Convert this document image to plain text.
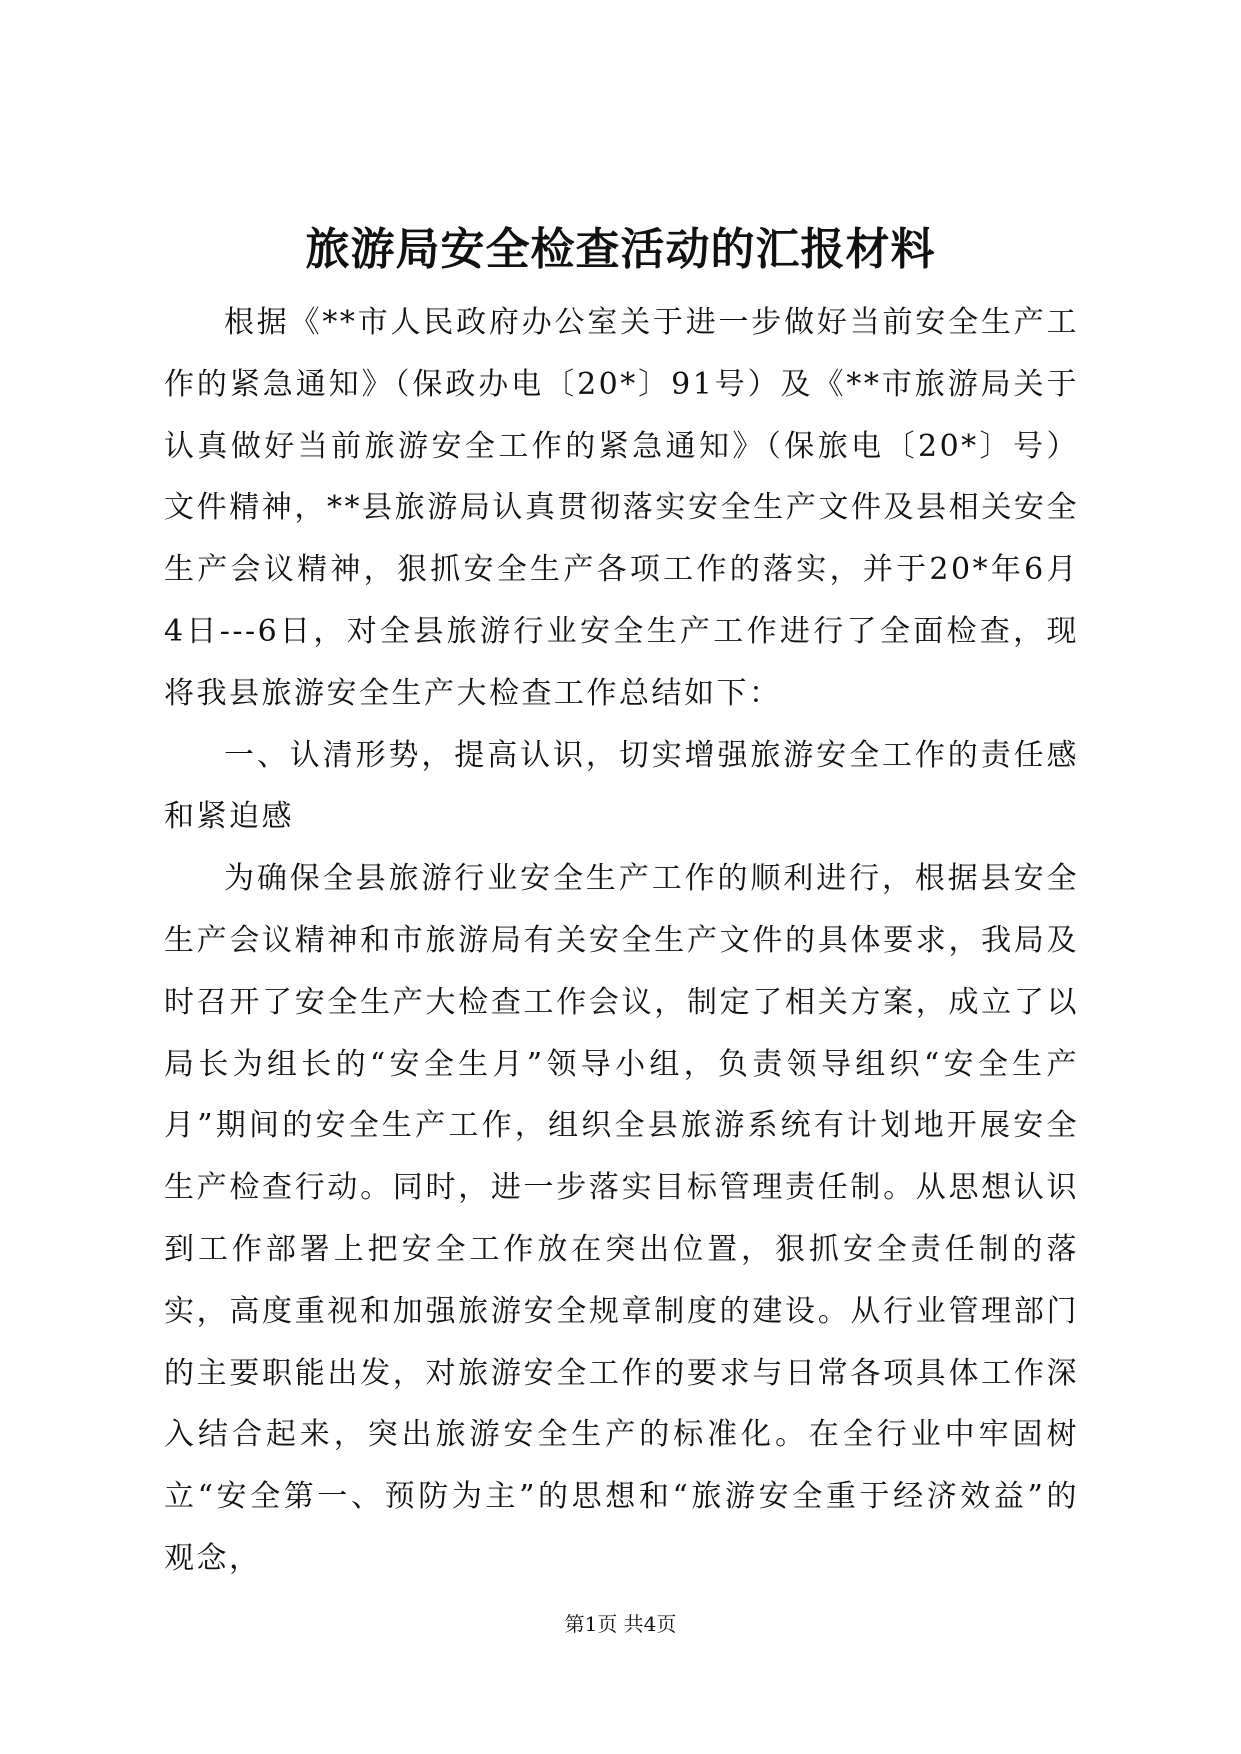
旅游局安全检查活动的汇报材料

根据《**市人民政府办公室关于进一步做好当前安全生产工作的紧急通知》（保政办电〔20*〕91号）及《**市旅游局关于认真做好当前旅游安全工作的紧急通知》（保旅电〔20*〕号）文件精神，**县旅游局认真贯彻落实安全生产文件及县相关安全生产会议精神，狠抓安全生产各项工作的落实，并于20*年6月4日---6日，对全县旅游行业安全生产工作进行了全面检查，现将我县旅游安全生产大检查工作总结如下：

一、认清形势，提高认识，切实增强旅游安全工作的责任感和紧迫感

为确保全县旅游行业安全生产工作的顺利进行，根据县安全生产会议精神和市旅游局有关安全生产文件的具体要求，我局及时召开了安全生产大检查工作会议，制定了相关方案，成立了以局长为组长的“安全生月”领导小组，负责领导组织“安全生产月”期间的安全生产工作，组织全县旅游系统有计划地开展安全生产检查行动。同时，进一步落实目标管理责任制。从思想认识到工作部署上把安全工作放在突出位置，狠抓安全责任制的落实，高度重视和加强旅游安全规章制度的建设。从行业管理部门的主要职能出发，对旅游安全工作的要求与日常各项具体工作深入结合起来，突出旅游安全生产的标准化。在全行业中牢固树立“安全第一、预防为主”的思想和“旅游安全重于经济效益”的观念，

第1页 共4页
